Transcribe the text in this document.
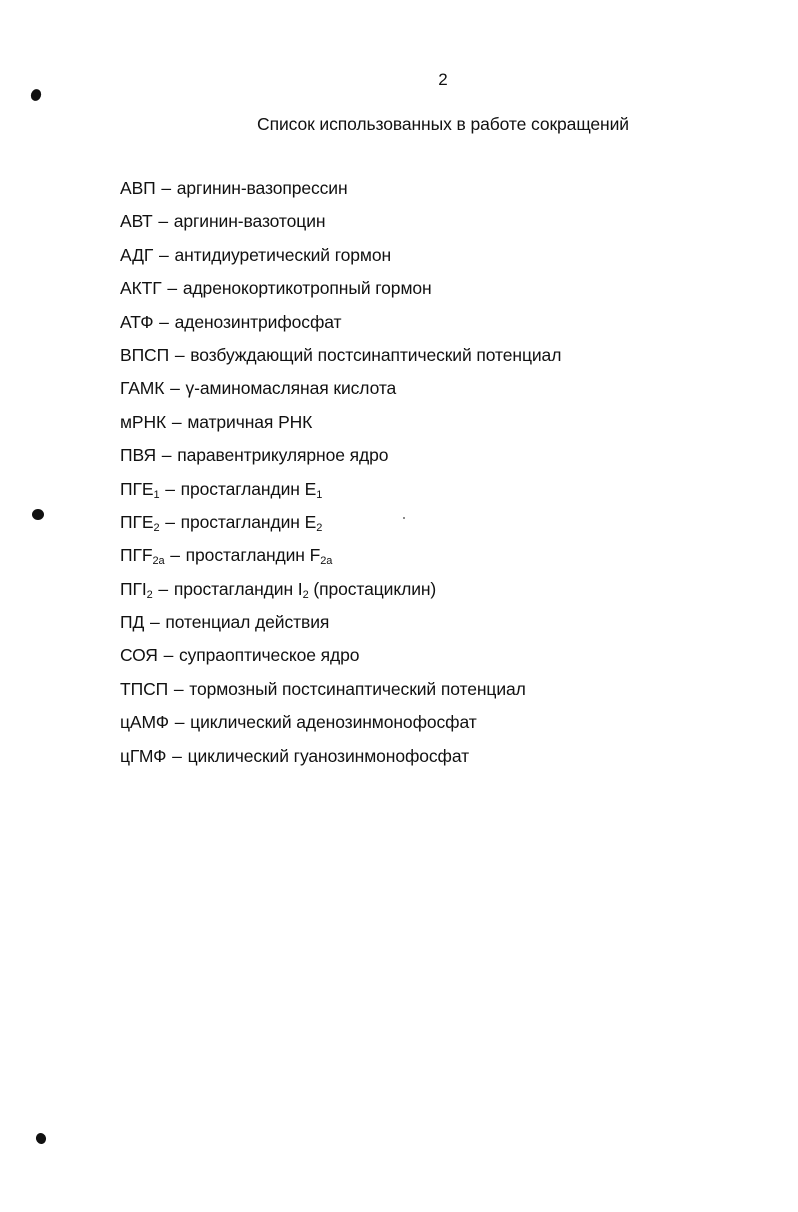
2
Список использованных в работе сокращений
АВП – аргинин-вазопрессин
АВТ – аргинин-вазотоцин
АДГ – антидиуретический гормон
АКТГ – адренокортикотропный гормон
АТФ – аденозинтрифосфат
ВПСП – возбуждающий постсинаптический потенциал
ГАМК – γ-аминомасляная кислота
мРНК – матричная РНК
ПВЯ – паравентрикулярное ядро
$ПГЕ_1$ – простагландин $Е_1$
$ПГЕ_2$ – простагландин $Е_2$
$ПГF_{2a}$ – простагландин $F_{2a}$
$ПГI_2$ – простагландин $I_2$ (простациклин)
ПД – потенциал действия
СОЯ – супраоптическое ядро
ТПСП – тормозный постсинаптический потенциал
цАМФ – циклический аденозинмонофосфат
цГМФ – циклический гуанозинмонофосфат
